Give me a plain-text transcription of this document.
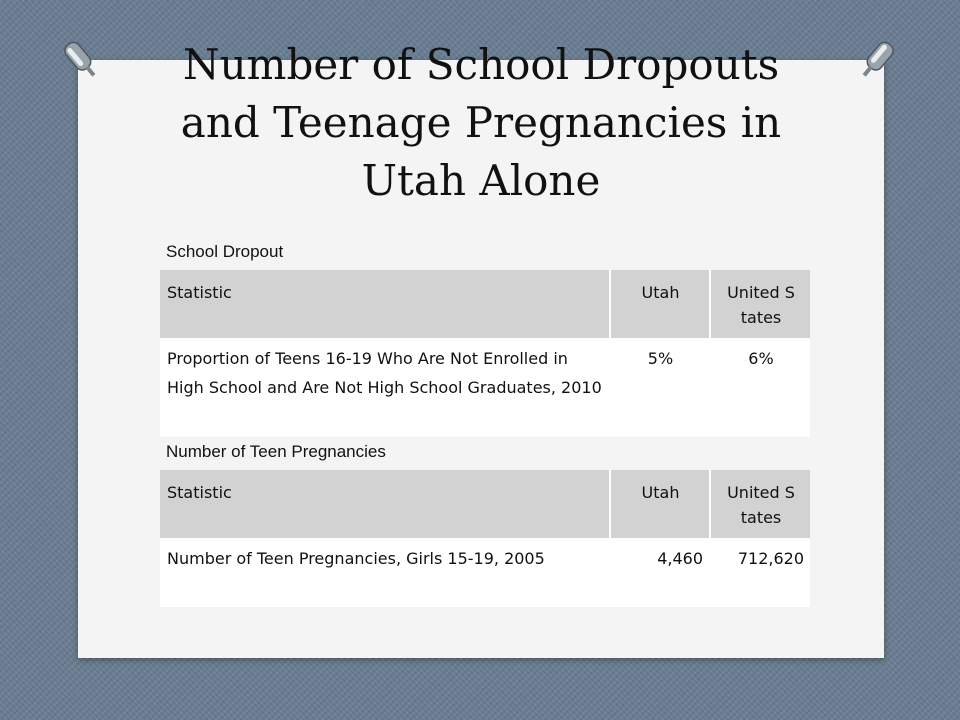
Number of School Dropouts
and Teenage Pregnancies in
Utah Alone
School Dropout
Statistic	Utah	United S tates
Proportion of Teens 16-19 Who Are Not Enrolled in High School and Are Not High School Graduates, 2010	5%	6%
Number of Teen Pregnancies
Statistic	Utah	United S tates
Number of Teen Pregnancies, Girls 15-19, 2005	4,460	712,620
